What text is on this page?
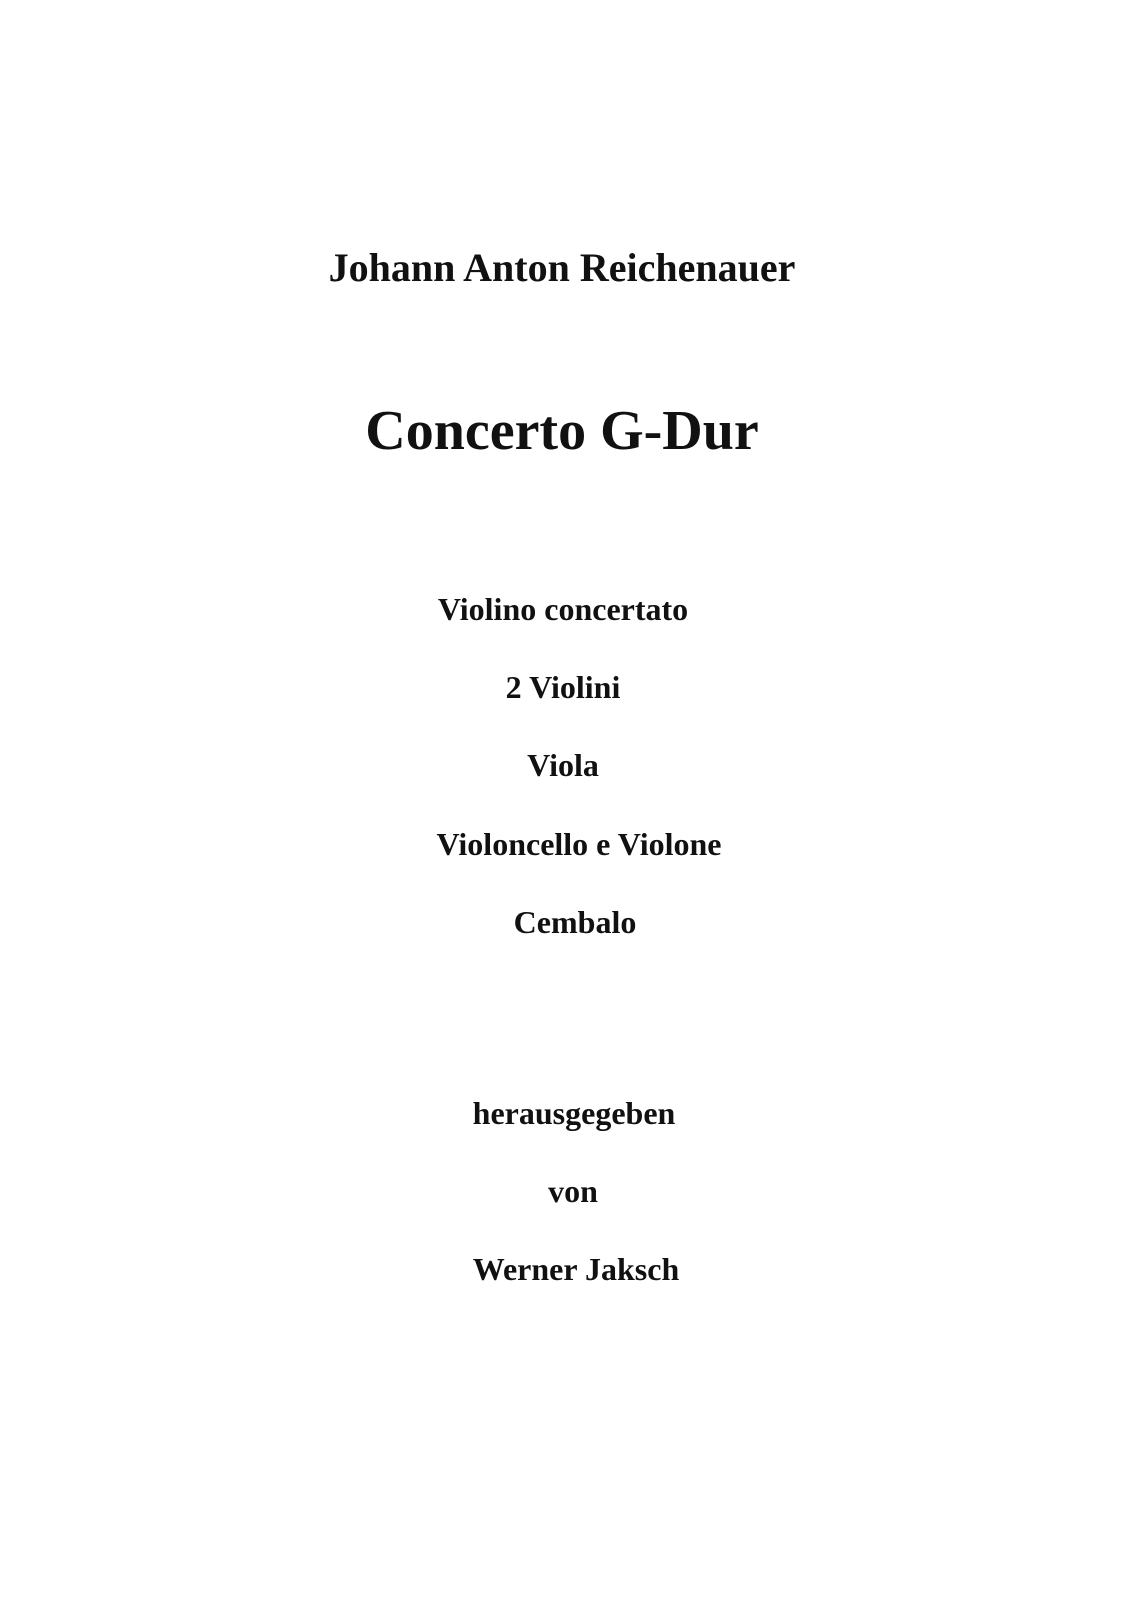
Johann Anton Reichenauer
Concerto G-Dur
Violino concertato
2 Violini
Viola
Violoncello e Violone
Cembalo
herausgegeben
von
Werner Jaksch
